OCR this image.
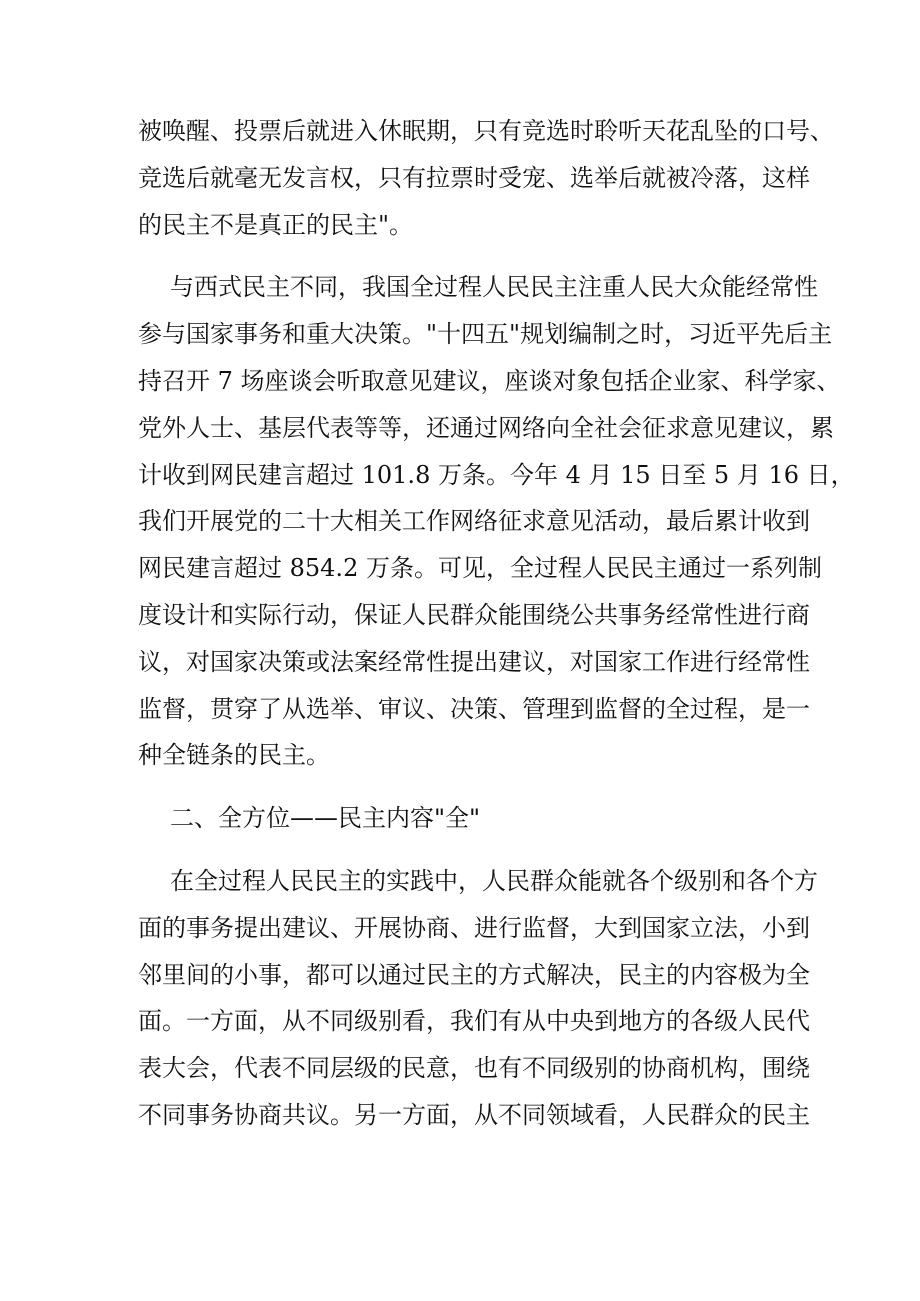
被唤醒、投票后就进入休眠期，只有竞选时聆听天花乱坠的口号、
竞选后就毫无发言权，只有拉票时受宠、选举后就被冷落，这样
的民主不是真正的民主"。
与西式民主不同，我国全过程人民民主注重人民大众能经常性
参与国家事务和重大决策。"十四五"规划编制之时，习近平先后主
持召开 7 场座谈会听取意见建议，座谈对象包括企业家、科学家、
党外人士、基层代表等等，还通过网络向全社会征求意见建议，累
计收到网民建言超过 101.8 万条。今年 4 月 15 日至 5 月 16 日，
我们开展党的二十大相关工作网络征求意见活动，最后累计收到
网民建言超过 854.2 万条。可见，全过程人民民主通过一系列制
度设计和实际行动，保证人民群众能围绕公共事务经常性进行商
议，对国家决策或法案经常性提出建议，对国家工作进行经常性
监督，贯穿了从选举、审议、决策、管理到监督的全过程，是一
种全链条的民主。
二、全方位——民主内容"全"
在全过程人民民主的实践中，人民群众能就各个级别和各个方
面的事务提出建议、开展协商、进行监督，大到国家立法，小到
邻里间的小事，都可以通过民主的方式解决，民主的内容极为全
面。一方面，从不同级别看，我们有从中央到地方的各级人民代
表大会，代表不同层级的民意，也有不同级别的协商机构，围绕
不同事务协商共议。另一方面，从不同领域看，人民群众的民主
